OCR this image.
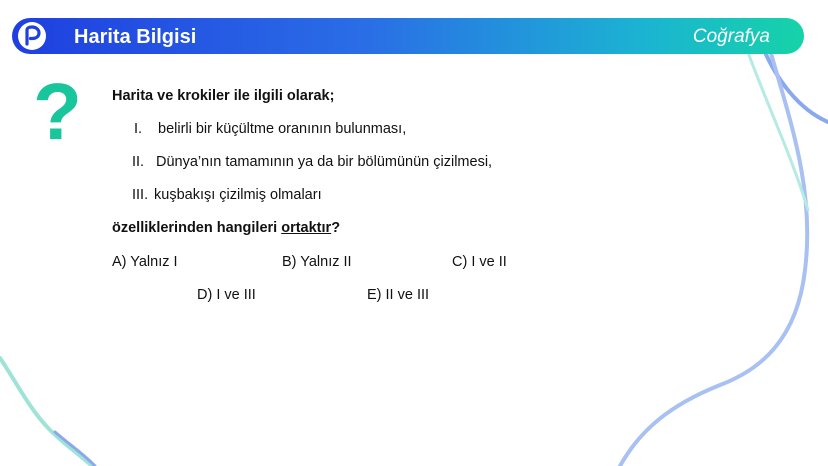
Harita Bilgisi	Coğrafya
? Harita ve krokiler ile ilgili olarak;
I. belirli bir küçültme oranının bulunması,
II. Dünya’nın tamamının ya da bir bölümünün çizilmesi,
III. kuşbakışı çizilmiş olmaları
özelliklerinden hangileri ortaktır?
A) Yalnız I	B) Yalnız II	C) I ve II
D) I ve III	E) II ve III
